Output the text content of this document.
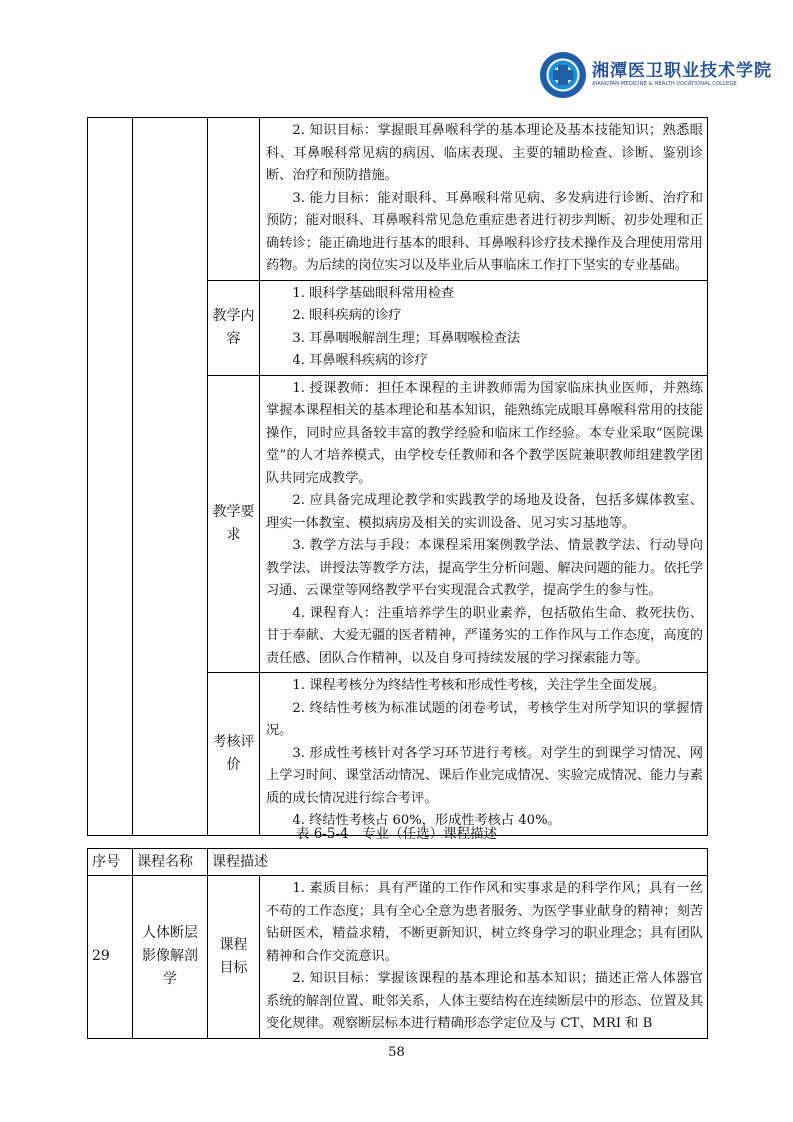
湘潭医卫职业技术学院
XIANGTAN MEDICINE & HEALTH VOCATIONAL COLLEGE

			2. 知识目标：掌握眼耳鼻喉科学的基本理论及基本技能知识；熟悉眼科、耳鼻喉科常见病的病因、临床表现、主要的辅助检查、诊断、鉴别诊断、治疗和预防措施。

3. 能力目标：能对眼科、耳鼻喉科常见病、多发病进行诊断、治疗和预防；能对眼科、耳鼻喉科常见急危重症患者进行初步判断、初步处理和正确转诊；能正确地进行基本的眼科、耳鼻喉科诊疗技术操作及合理使用常用药物。为后续的岗位实习以及毕业后从事临床工作打下坚实的专业基础。

		教学内容	1. 眼科学基础眼科常用检查

2. 眼科疾病的诊疗

3. 耳鼻咽喉解剖生理；耳鼻咽喉检查法

4. 耳鼻喉科疾病的诊疗

		教学要求	1. 授课教师：担任本课程的主讲教师需为国家临床执业医师，并熟练掌握本课程相关的基本理论和基本知识，能熟练完成眼耳鼻喉科常用的技能操作，同时应具备较丰富的教学经验和临床工作经验。本专业采取“医院课堂”的人才培养模式，由学校专任教师和各个教学医院兼职教师组建教学团队共同完成教学。

2. 应具备完成理论教学和实践教学的场地及设备，包括多媒体教室、理实一体教室、模拟病房及相关的实训设备、见习实习基地等。

3. 教学方法与手段：本课程采用案例教学法、情景教学法、行动导向教学法、讲授法等教学方法，提高学生分析问题、解决问题的能力。依托学习通、云课堂等网络教学平台实现混合式教学，提高学生的参与性。

4. 课程育人：注重培养学生的职业素养，包括敬佑生命、救死扶伤、甘于奉献、大爱无疆的医者精神，严谨务实的工作作风与工作态度，高度的责任感、团队合作精神，以及自身可持续发展的学习探索能力等。

		考核评价	1. 课程考核分为终结性考核和形成性考核，关注学生全面发展。

2. 终结性考核为标准试题的闭卷考试，考核学生对所学知识的掌握情况。

3. 形成性考核针对各学习环节进行考核。对学生的到课学习情况、网上学习时间、课堂活动情况、课后作业完成情况、实验完成情况、能力与素质的成长情况进行综合考评。

4. 终结性考核占 60%，形成性考核占 40%。

表 6-5-4　专业（任选）课程描述
序号	课程名称	课程描述	
29	人体断层影像解剖学	课程目标	1. 素质目标：具有严谨的工作作风和实事求是的科学作风；具有一丝不苟的工作态度；具有全心全意为患者服务、为医学事业献身的精神；刻苦钻研医术，精益求精，不断更新知识，树立终身学习的职业理念；具有团队精神和合作交流意识。

2. 知识目标：掌握该课程的基本理论和基本知识；描述正常人体器官系统的解剖位置、毗邻关系，人体主要结构在连续断层中的形态、位置及其变化规律。观察断层标本进行精确形态学定位及与 CT、MRI 和 B

58
